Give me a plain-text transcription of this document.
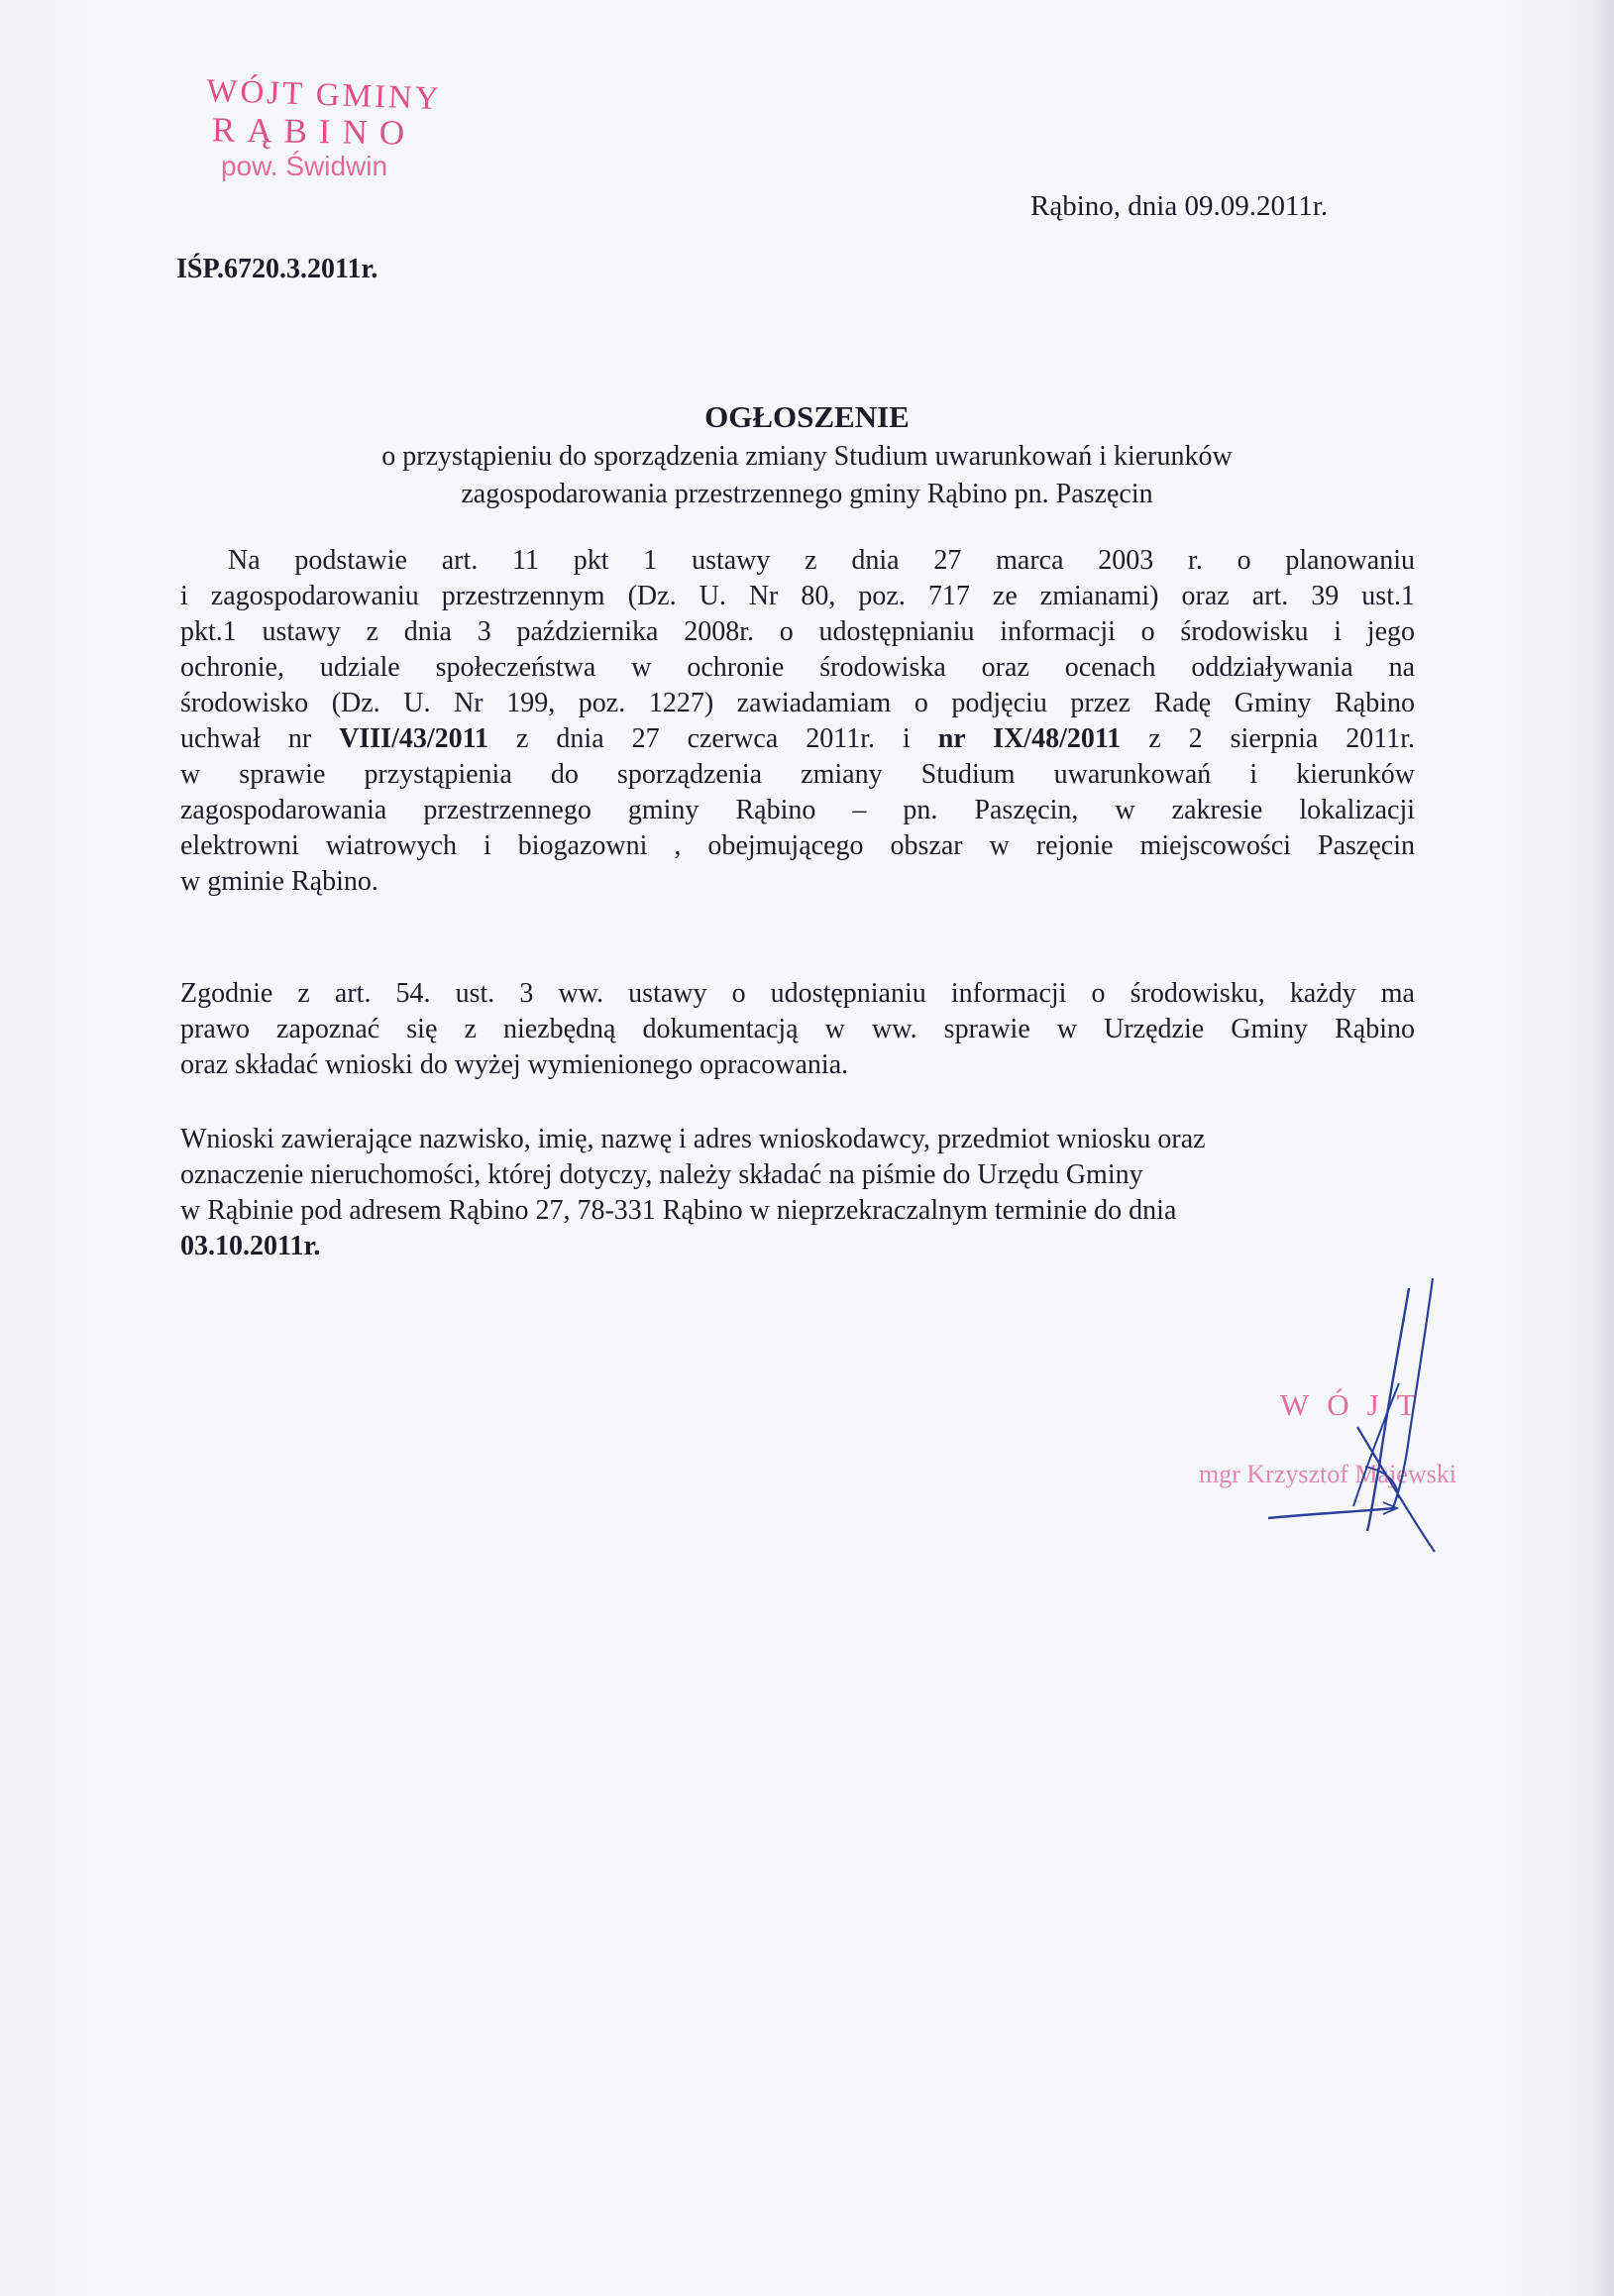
WÓJT GMINY
RĄBINO
pow. Świdwin
Rąbino, dnia 09.09.2011r.
IŚP.6720.3.2011r.
OGŁOSZENIE
o przystąpieniu do sporządzenia zmiany Studium uwarunkowań i kierunków
zagospodarowania przestrzennego gminy Rąbino pn. Paszęcin
Na podstawie art. 11 pkt 1 ustawy z dnia 27 marca 2003 r. o planowaniu
i zagospodarowaniu przestrzennym (Dz. U. Nr 80, poz. 717 ze zmianami) oraz art. 39 ust.1
pkt.1 ustawy z dnia 3 października 2008r. o udostępnianiu informacji o środowisku i jego
ochronie, udziale społeczeństwa w ochronie środowiska oraz ocenach oddziaływania na
środowisko (Dz. U. Nr 199, poz. 1227) zawiadamiam o podjęciu przez Radę Gminy Rąbino
uchwał nr VIII/43/2011 z dnia 27 czerwca 2011r. i nr IX/48/2011 z 2 sierpnia 2011r.
w sprawie przystąpienia do sporządzenia zmiany Studium uwarunkowań i kierunków
zagospodarowania przestrzennego gminy Rąbino – pn. Paszęcin, w zakresie lokalizacji
elektrowni wiatrowych i biogazowni , obejmującego obszar w rejonie miejscowości Paszęcin
w gminie Rąbino.
Zgodnie z art. 54. ust. 3 ww. ustawy o udostępnianiu informacji o środowisku, każdy ma
prawo zapoznać się z niezbędną dokumentacją w ww. sprawie w Urzędzie Gminy Rąbino
oraz składać wnioski do wyżej wymienionego opracowania.
Wnioski zawierające nazwisko, imię, nazwę i adres wnioskodawcy, przedmiot wniosku oraz
oznaczenie nieruchomości, której dotyczy, należy składać na piśmie do Urzędu Gminy
w Rąbinie pod adresem Rąbino 27, 78-331 Rąbino w nieprzekraczalnym terminie do dnia
03.10.2011r.
WÓJT
mgr Krzysztof Majewski
